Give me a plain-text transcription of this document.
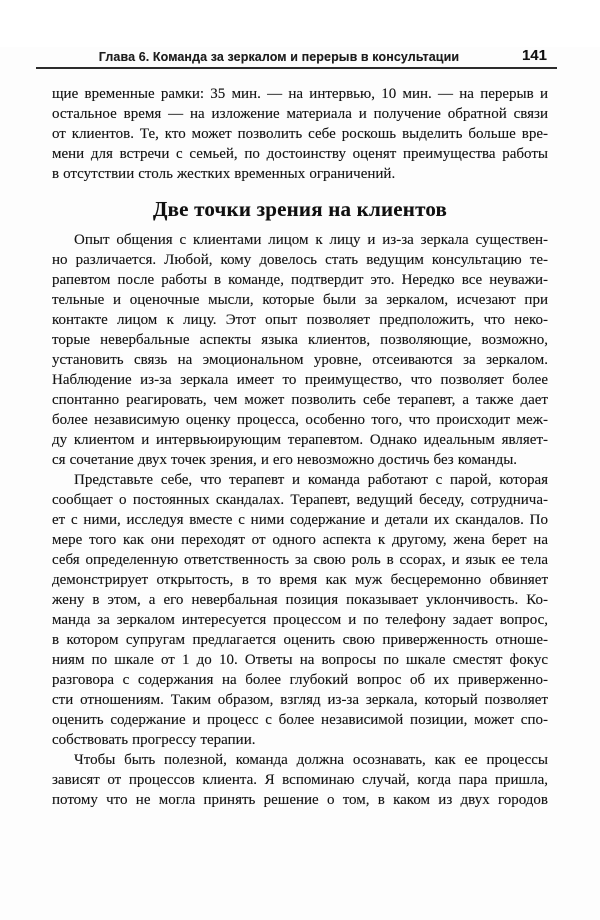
Глава 6. Команда за зеркалом и перерыв в консультации	141
щие временные рамки: 35 мин. — на интервью, 10 мин. — на перерыв и
остальное время — на изложение материала и получение обратной связи
от клиентов. Те, кто может позволить себе роскошь выделить больше вре-
мени для встречи с семьей, по достоинству оценят преимущества работы
в отсутствии столь жестких временных ограничений.
Две точки зрения на клиентов
Опыт общения с клиентами лицом к лицу и из-за зеркала существен-
но различается. Любой, кому довелось стать ведущим консультацию те-
рапевтом после работы в команде, подтвердит это. Нередко все неуважи-
тельные и оценочные мысли, которые были за зеркалом, исчезают при
контакте лицом к лицу. Этот опыт позволяет предположить, что неко-
торые невербальные аспекты языка клиентов, позволяющие, возможно,
установить связь на эмоциональном уровне, отсеиваются за зеркалом.
Наблюдение из-за зеркала имеет то преимущество, что позволяет более
спонтанно реагировать, чем может позволить себе терапевт, а также дает
более независимую оценку процесса, особенно того, что происходит меж-
ду клиентом и интервьюирующим терапевтом. Однако идеальным являет-
ся сочетание двух точек зрения, и его невозможно достичь без команды.
Представьте себе, что терапевт и команда работают с парой, которая
сообщает о постоянных скандалах. Терапевт, ведущий беседу, сотруднича-
ет с ними, исследуя вместе с ними содержание и детали их скандалов. По
мере того как они переходят от одного аспекта к другому, жена берет на
себя определенную ответственность за свою роль в ссорах, и язык ее тела
демонстрирует открытость, в то время как муж бесцеремонно обвиняет
жену в этом, а его невербальная позиция показывает уклончивость. Ко-
манда за зеркалом интересуется процессом и по телефону задает вопрос,
в котором супругам предлагается оценить свою приверженность отноше-
ниям по шкале от 1 до 10. Ответы на вопросы по шкале сместят фокус
разговора с содержания на более глубокий вопрос об их приверженно-
сти отношениям. Таким образом, взгляд из-за зеркала, который позволяет
оценить содержание и процесс с более независимой позиции, может спо-
собствовать прогрессу терапии.
Чтобы быть полезной, команда должна осознавать, как ее процессы
зависят от процессов клиента. Я вспоминаю случай, когда пара пришла,
потому что не могла принять решение о том, в каком из двух городов
